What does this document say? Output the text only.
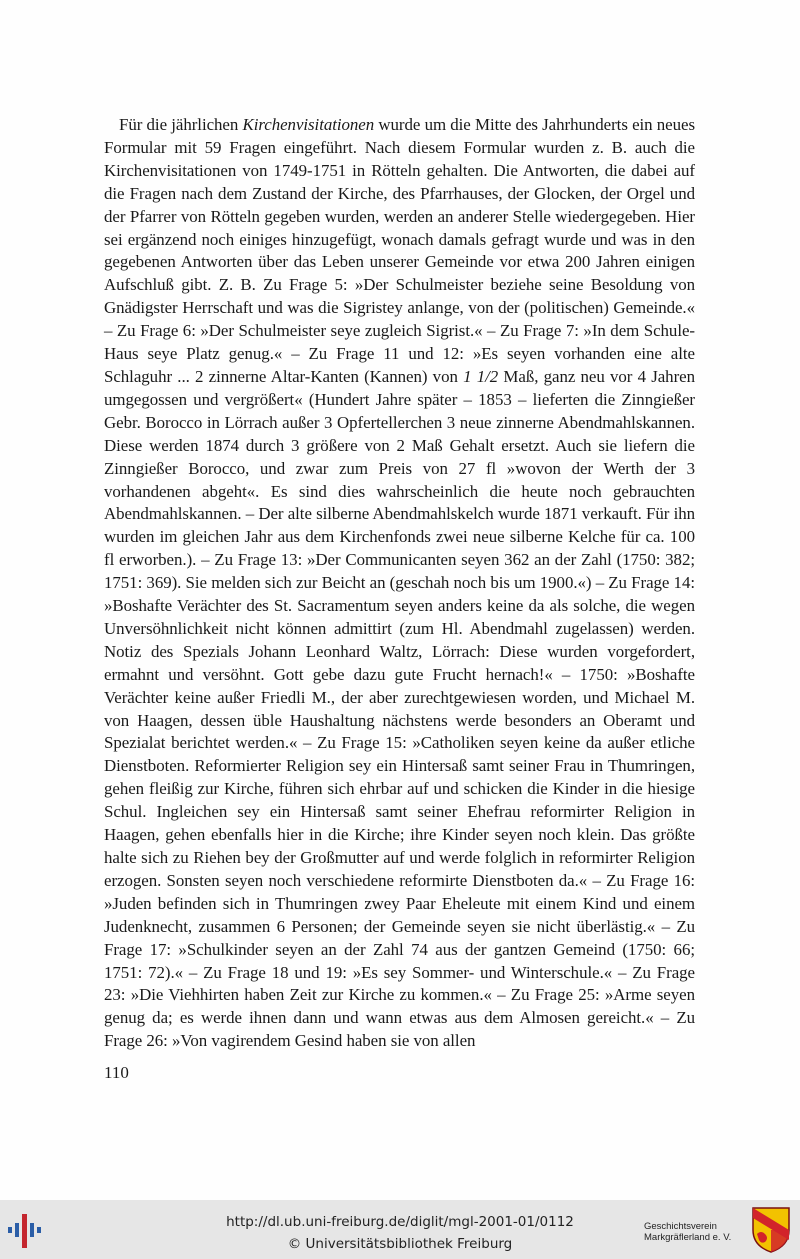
Für die jährlichen Kirchenvisitationen wurde um die Mitte des Jahrhunderts ein neues Formular mit 59 Fragen eingeführt. Nach diesem Formular wurden z. B. auch die Kirchenvisitationen von 1749-1751 in Rötteln gehalten. Die Antworten, die dabei auf die Fragen nach dem Zustand der Kirche, des Pfarrhauses, der Glocken, der Orgel und der Pfarrer von Rötteln gegeben wurden, werden an anderer Stelle wiedergegeben. Hier sei ergänzend noch einiges hinzugefügt, wonach damals gefragt wurde und was in den gegebenen Antworten über das Leben unserer Gemeinde vor etwa 200 Jahren einigen Aufschluß gibt. Z. B. Zu Frage 5: »Der Schulmeister beziehe seine Besoldung von Gnädigster Herrschaft und was die Sigristey anlange, von der (politischen) Gemeinde.« – Zu Frage 6: »Der Schulmeister seye zugleich Sigrist.« – Zu Frage 7: »In dem Schule-Haus seye Platz genug.« – Zu Frage 11 und 12: »Es seyen vorhanden eine alte Schlaguhr ... 2 zinnerne Altar-Kanten (Kannen) von 1 1/2 Maß, ganz neu vor 4 Jahren umgegossen und vergrößert« (Hundert Jahre später – 1853 – lieferten die Zinngießer Gebr. Borocco in Lörrach außer 3 Opfertellerchen 3 neue zinnerne Abendmahlskannen. Diese werden 1874 durch 3 größere von 2 Maß Gehalt ersetzt. Auch sie liefern die Zinngießer Borocco, und zwar zum Preis von 27 fl »wovon der Werth der 3 vorhandenen abgeht«. Es sind dies wahrscheinlich die heute noch gebrauchten Abendmahlskannen. – Der alte silberne Abendmahlskelch wurde 1871 verkauft. Für ihn wurden im gleichen Jahr aus dem Kirchenfonds zwei neue silberne Kelche für ca. 100 fl erworben.). – Zu Frage 13: »Der Communicanten seyen 362 an der Zahl (1750: 382; 1751: 369). Sie melden sich zur Beicht an (geschah noch bis um 1900.«) – Zu Frage 14: »Boshafte Verächter des St. Sacramentum seyen anders keine da als solche, die wegen Unversöhnlichkeit nicht können admittirt (zum Hl. Abendmahl zugelassen) werden. Notiz des Spezials Johann Leonhard Waltz, Lörrach: Diese wurden vorgefordert, ermahnt und versöhnt. Gott gebe dazu gute Frucht hernach!« – 1750: »Boshafte Verächter keine außer Friedli M., der aber zurechtgewiesen worden, und Michael M. von Haagen, dessen üble Haushaltung nächstens werde besonders an Oberamt und Spezialat berichtet werden.« – Zu Frage 15: »Catholiken seyen keine da außer etliche Dienstboten. Reformierter Religion sey ein Hintersaß samt seiner Frau in Thumringen, gehen fleißig zur Kirche, führen sich ehrbar auf und schicken die Kinder in die hiesige Schul. Ingleichen sey ein Hintersaß samt seiner Ehefrau reformirter Religion in Haagen, gehen ebenfalls hier in die Kirche; ihre Kinder seyen noch klein. Das größte halte sich zu Riehen bey der Großmutter auf und werde folglich in reformirter Religion erzogen. Sonsten seyen noch verschiedene reformirte Dienstboten da.« – Zu Frage 16: »Juden befinden sich in Thumringen zwey Paar Eheleute mit einem Kind und einem Judenknecht, zusammen 6 Personen; der Gemeinde seyen sie nicht überlästig.« – Zu Frage 17: »Schulkinder seyen an der Zahl 74 aus der gantzen Gemeind (1750: 66; 1751: 72).« – Zu Frage 18 und 19: »Es sey Sommer- und Winterschule.« – Zu Frage 23: »Die Viehhirten haben Zeit zur Kirche zu kommen.« – Zu Frage 25: »Arme seyen genug da; es werde ihnen dann und wann etwas aus dem Almosen gereicht.« – Zu Frage 26: »Von vagirendem Gesind haben sie von allen
110
http://dl.ub.uni-freiburg.de/diglit/mgl-2001-01/0112
© Universitätsbibliothek Freiburg
Geschichtsverein
Markgräflerland e. V.
